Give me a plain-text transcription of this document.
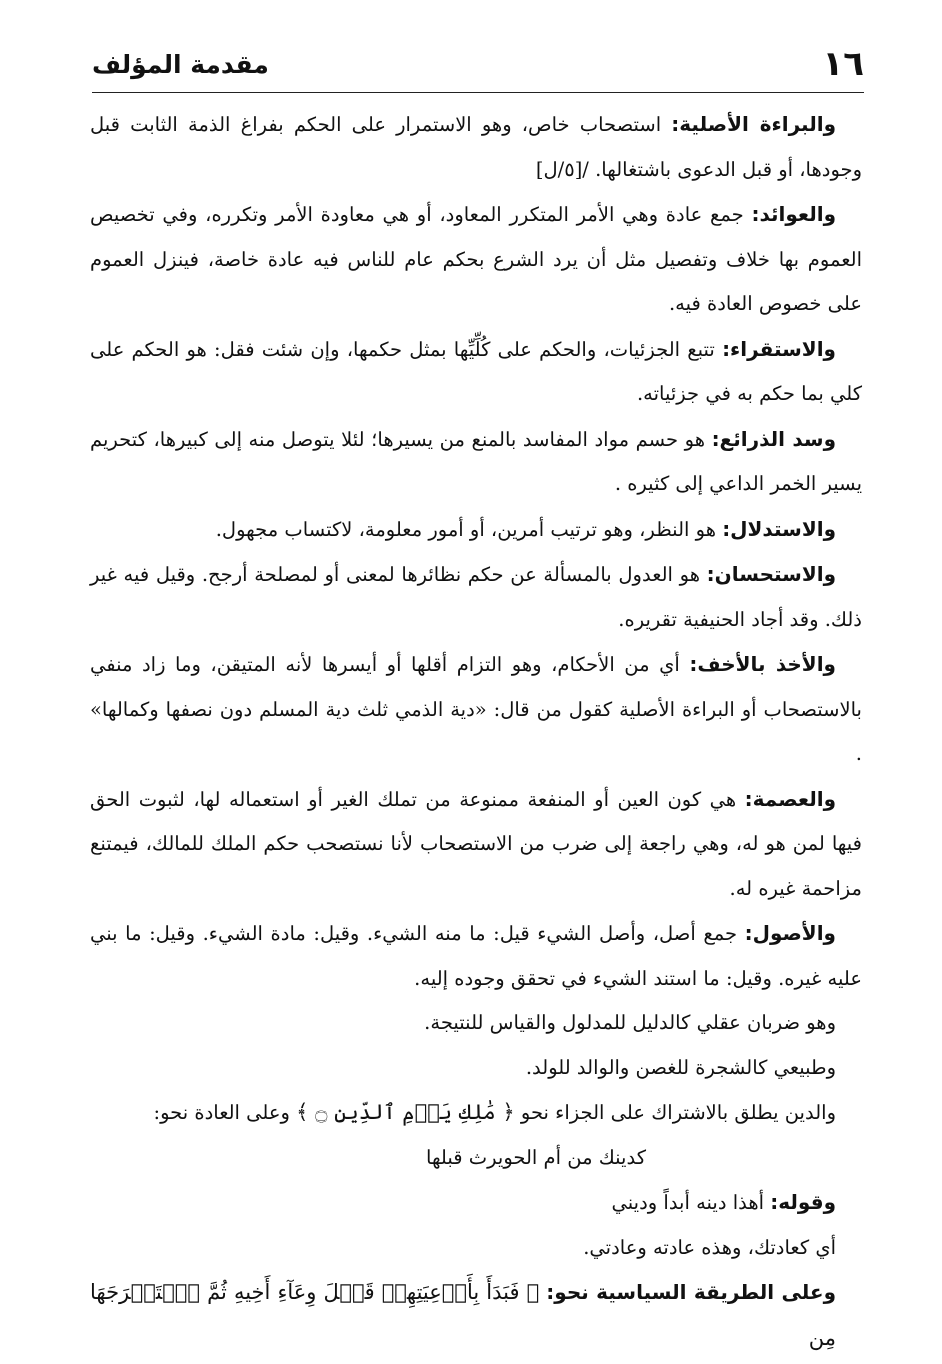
١٦
مقدمة المؤلف

والبراءة الأصلية: استصحاب خاص، وهو الاستمرار على الحكم بفراغ الذمة الثابت قبل وجودها، أو قبل الدعوى باشتغالها. /[٥/ل]

والعوائد: جمع عادة وهي الأمر المتكرر المعاود، أو هي معاودة الأمر وتكرره، وفي تخصيص العموم بها خلاف وتفصيل مثل أن يرد الشرع بحكم عام للناس فيه عادة خاصة، فينزل العموم على خصوص العادة فيه.

والاستقراء: تتبع الجزئيات، والحكم على كُلِّيِّها بمثل حكمها، وإن شئت فقل: هو الحكم على كلي بما حكم به في جزئياته.

وسد الذرائع: هو حسم مواد المفاسد بالمنع من يسيرها؛ لئلا يتوصل منه إلى كبيرها، كتحريم يسير الخمر الداعي إلى كثيره .

والاستدلال: هو النظر، وهو ترتيب أمرين، أو أمور معلومة، لاكتساب مجهول.

والاستحسان: هو العدول بالمسألة عن حكم نظائرها لمعنى أو لمصلحة أرجح. وقيل فيه غير ذلك. وقد أجاد الحنيفية تقريره.

والأخذ بالأخف: أي من الأحكام، وهو التزام أقلها أو أيسرها لأنه المتيقن، وما زاد منفي بالاستصحاب أو البراءة الأصلية كقول من قال: «دية الذمي ثلث دية المسلم دون نصفها وكمالها» .

والعصمة: هي كون العين أو المنفعة ممنوعة من تملك الغير أو استعماله لها، لثبوت الحق فيها لمن هو له، وهي راجعة إلى ضرب من الاستصحاب لأنا نستصحب حكم الملك للمالك، فيمتنع مزاحمة غيره له.

والأصول: جمع أصل، وأصل الشيء قيل: ما منه الشيء. وقيل: مادة الشيء. وقيل: ما بني عليه غيره. وقيل: ما استند الشيء في تحقق وجوده إليه.

وهو ضربان عقلي كالدليل للمدلول والقياس للنتيجة.

وطبيعي كالشجرة للغصن والوالد للولد.

والدين يطلق بالاشتراك على الجزاء نحو ﴿ مَٰلِكِ يَوۡمِ ٱلدِّينِ ۝ ﴾ وعلى العادة نحو:

كدينك من أم الحويرث قبلها

وقوله: أهذا دينه أبداً وديني

أي كعادتك، وهذه عادته وعادتي.

وعلى الطريقة السياسية نحو: ﴿ فَبَدَأَ بِأَوۡعِيَتِهِمۡ قَبۡلَ وِعَآءِ أَخِيهِ ثُمَّ ٱسۡتَخۡرَجَهَا مِن
